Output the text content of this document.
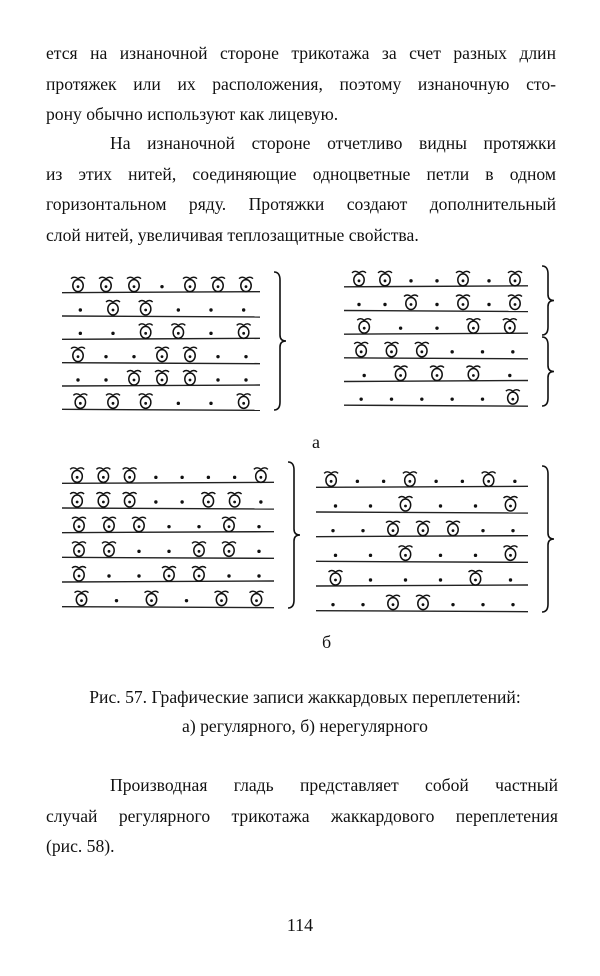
ется на изнаночной стороне трикотажа за счет разных длин
протяжек или их расположения, поэтому изнаночную сто-
рону обычно используют как лицевую.
На изнаночной стороне отчетливо видны протяжки
из этих нитей, соединяющие одноцветные петли в одном
горизонтальном ряду. Протяжки создают дополнительный
слой нитей, увеличивая теплозащитные свойства.
а
б
Рис. 57. Графические записи жаккардовых переплетений:
а) регулярного, б) нерегулярного
Производная гладь представляет собой частный
случай регулярного трикотажа жаккардового переплетения
(рис. 58).
114
